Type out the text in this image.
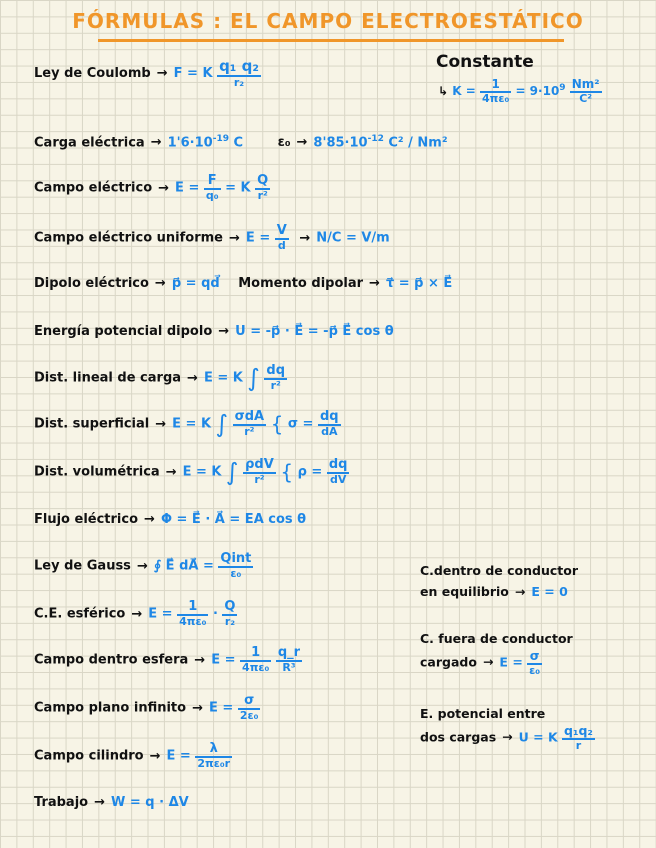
FÓRMULAS : EL CAMPO ELECTROESTÁTICO
Ley de Coulomb → F = K $\frac{\text{q₁ q₂}}{\text{r₂}}$	Constante
↳ $K = \frac{1}{\text{4πε₀}} = 9\cdot 10^9 \frac{\text{Nm²}}{\text{C²}}$
Carga eléctrica → $1'6\cdot 10^{-19}$ C	$\varepsilon_0 \to 8'85\cdot 10^{-12}$ C² / Nm²
Campo eléctrico → $E = \frac{F}{\text{q₀}} = K \frac{Q}{\text{r²}}$
Campo eléctrico uniforme → $E = \frac{V}{d} \to N/C = V/m$
Dipolo eléctrico → p⃗ = qd⃗ Momento dipolar → τ⃗ = p⃗ × E⃗
Energía potencial dipolo → U = -p⃗ · E⃗ = -p⃗ E⃗ cos θ
Dist. lineal de carga → E = K ∫ $\frac{dq}{\text{r²}}$
Dist. superficial → E = K ∫ $\frac{\text{σdA}}{\text{r²}}$ { $\sigma = \frac{dq}{dA}$
Dist. volumétrica → E = K ∫ $\frac{\text{ρdV}}{\text{r²}}$ { $\rho = \frac{dq}{dV}$
Flujo eléctrico → Φ = E⃗ · A⃗ = EA cos θ
Ley de Gauss → ∮ E⃗ dA⃗ = $\frac{\text{Qint}}{\text{ε₀}}$
C.E. esférico → $E = \frac{1}{\text{4πε₀}} \cdot \frac{Q}{\text{r₂}}$
Campo dentro esfera → $E = \frac{1}{\text{4πε₀}}$
$\frac{q\_r}{\text{R³}}$
Campo plano infinito → $E = \frac{\sigma}{\text{2ε₀}}$
Campo cilindro → $E = \frac{\lambda}{\text{2πε₀r}}$
Trabajo → W = q · ΔV
C.dentro de conductor
en equilibrio → E = 0
C. fuera de conductor
cargado → $E = \frac{\sigma}{\text{ε₀}}$
E. potencial entre
dos cargas → U = K $\frac{\text{q₁q₂}}{r}$
